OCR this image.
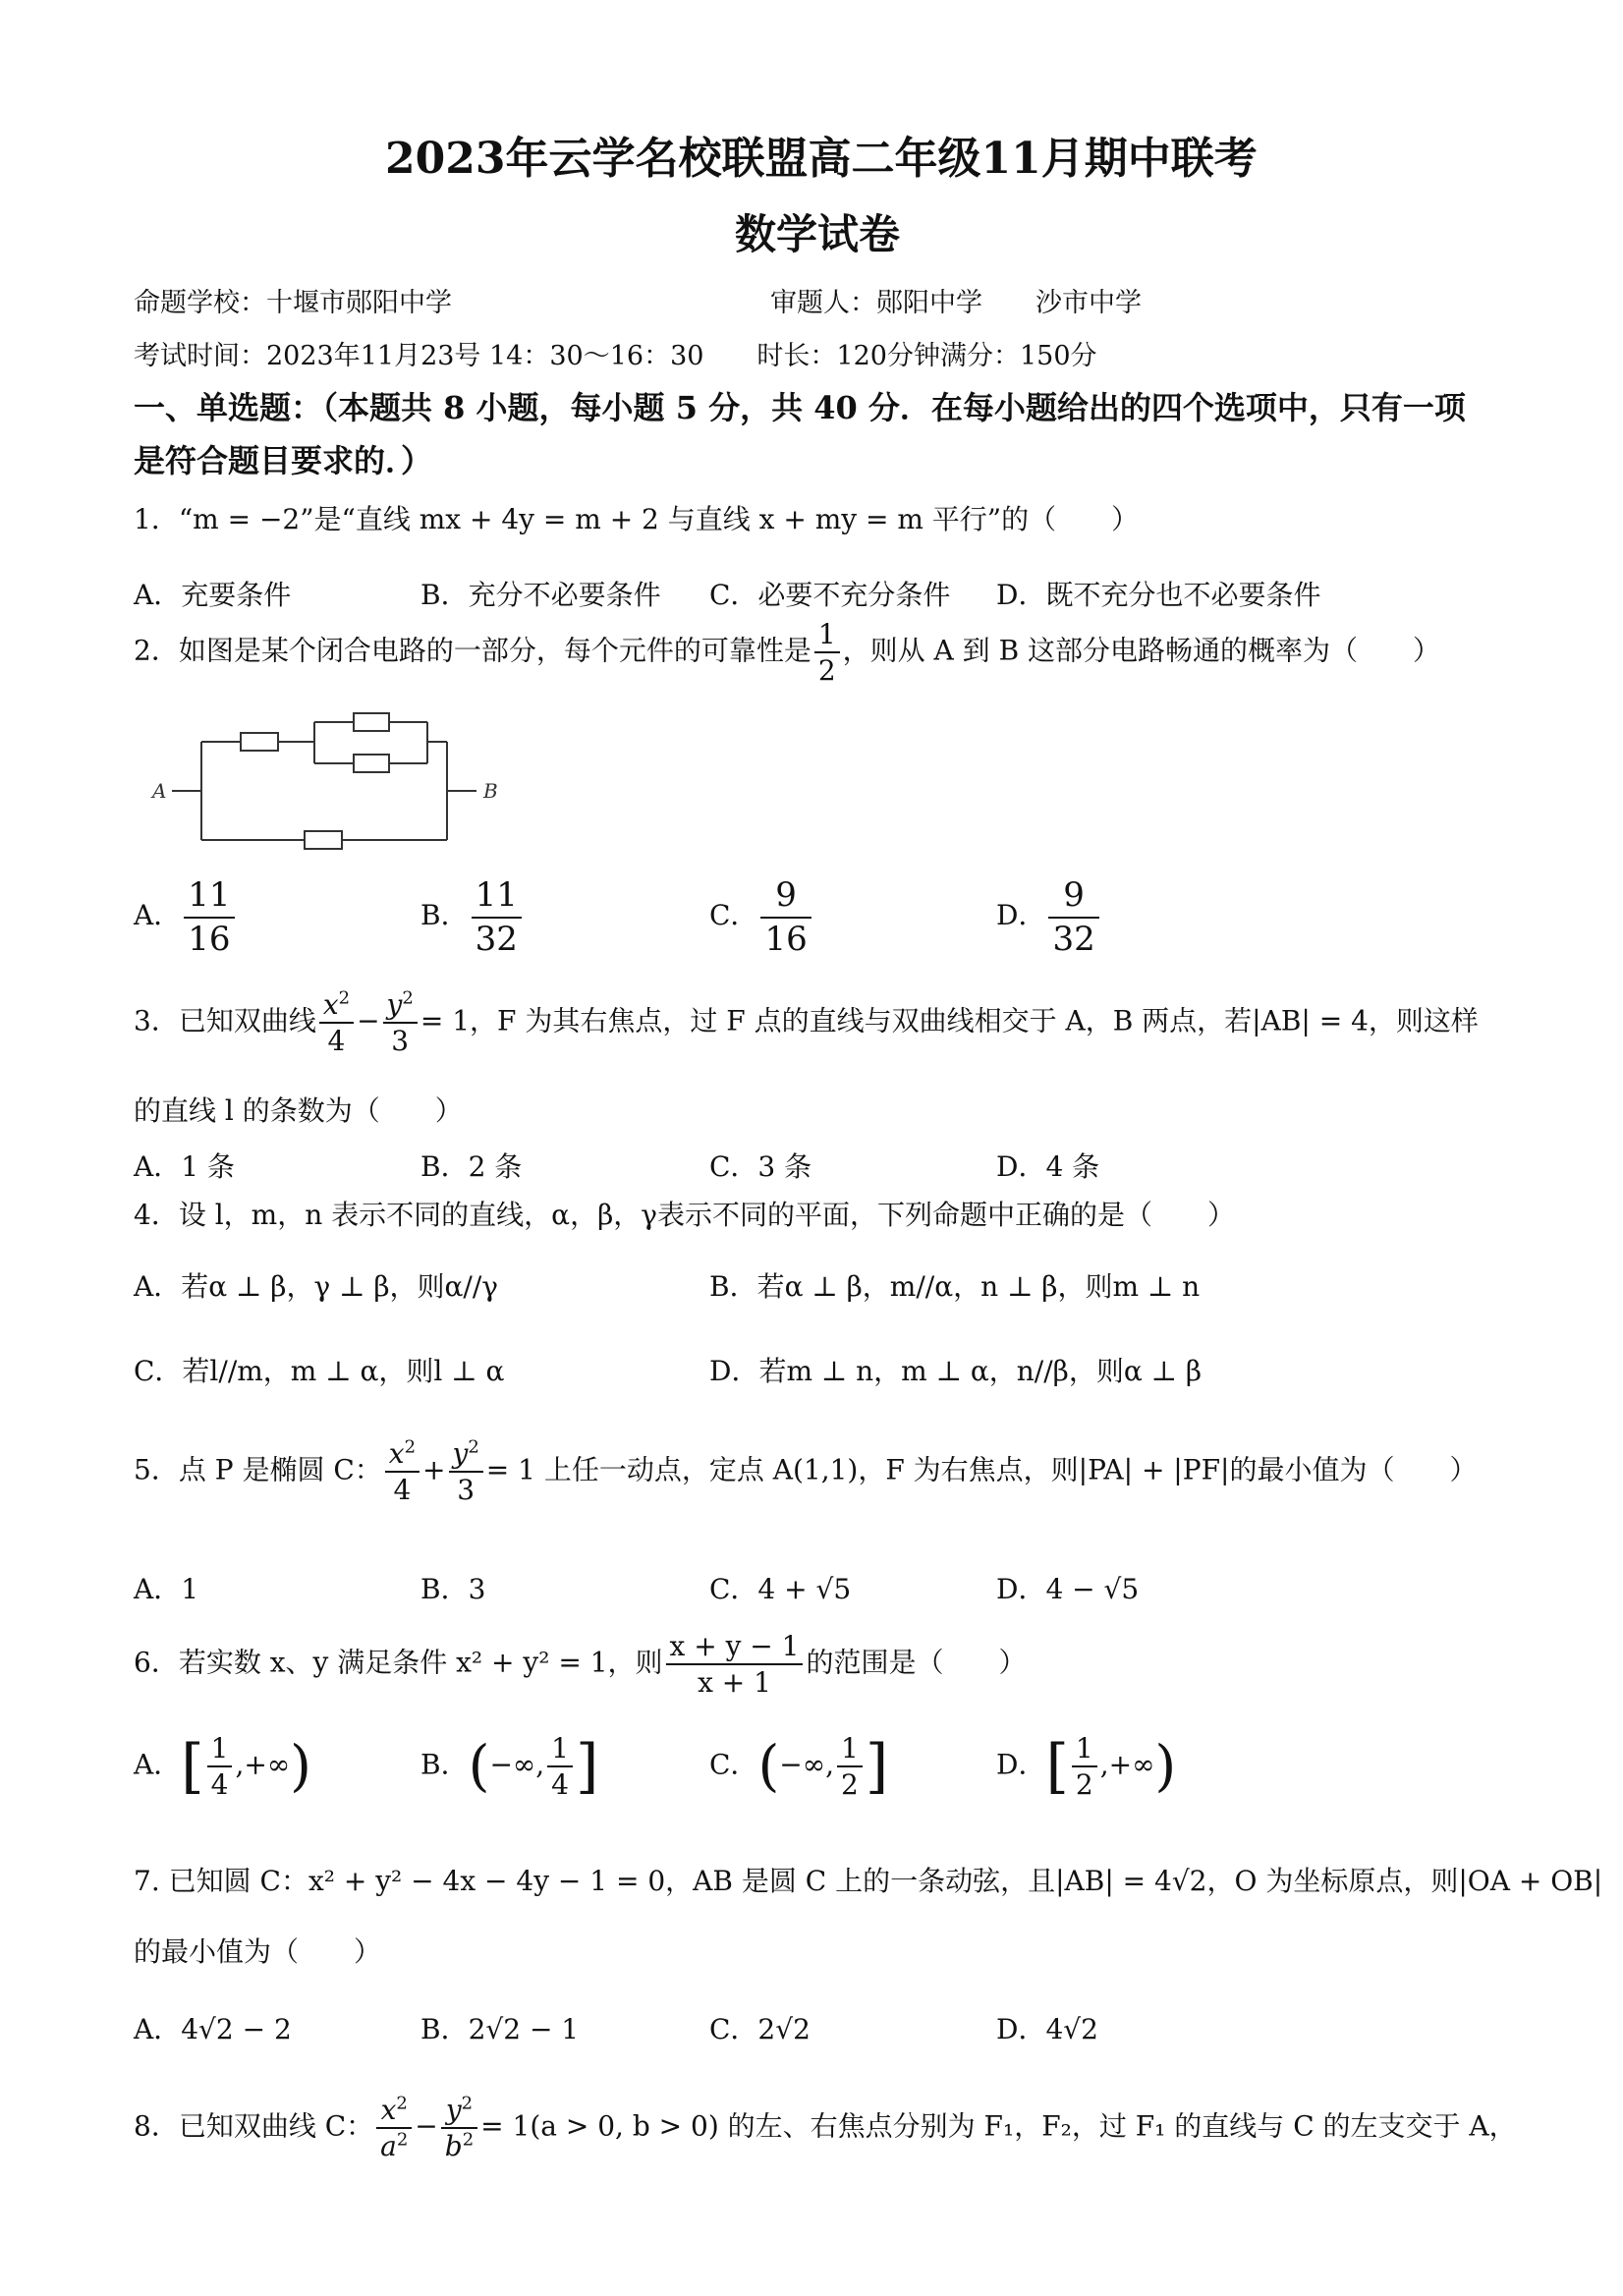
2023年云学名校联盟高二年级11月期中联考
数学试卷
命题学校：十堰市郧阳中学	审题人：郧阳中学　　沙市中学
考试时间：2023年11月23号 14：30～16：30　　时长：120分钟满分：150分
一、单选题：（本题共 8 小题，每小题 5 分，共 40 分．在每小题给出的四个选项中，只有一项
是符合题目要求的．）
1．“m = −2”是“直线 mx + 4y = m + 2 与直线 x + my = m 平行”的（　　）
A．充要条件	B．充分不必要条件 C．必要不充分条件 D．既不充分也不必要条件
2．如图是某个闭合电路的一部分，每个元件的可靠性是 $\frac{1}{2}$ ，则从 A 到 B 这部分电路畅通的概率为（　　）
A	B
A． $\frac{11}{16}$	B． $\frac{11}{32}$	C． $\frac{9}{16}$	D． $\frac{9}{32}$
3．已知双曲线 $\frac{x^2}{4} - \frac{y^2}{3} = 1$，F 为其右焦点，过 F 点的直线与双曲线相交于 A，B 两点，若|AB| = 4，则这样
的直线 l 的条数为（　　）
A．1 条	B．2 条	C．3 条	D．4 条
4．设 l，m，n 表示不同的直线，α，β，γ表示不同的平面，下列命题中正确的是（　　）
A．若α ⊥ β，γ ⊥ β，则α//γ	B．若α ⊥ β，m//α，n ⊥ β，则m ⊥ n
C．若l//m，m ⊥ α，则l ⊥ α	D．若m ⊥ n，m ⊥ α，n//β，则α ⊥ β
5．点 P 是椭圆 C： $\frac{x^2}{4} + \frac{y^2}{3} = 1$ 上任一动点，定点 A(1,1)，F 为右焦点，则|PA| + |PF|的最小值为（　　）
A．1	B．3	C．4 + √5	D．4 − √5
6．若实数 x、y 满足条件 x² + y² = 1，则 $\frac{x + y - 1}{x + 1}$ 的范围是（　　）
A．[ $\frac{1}{4}$ ,+∞)	B．(−∞, $\frac{1}{4}$ ]	C．(−∞, $\frac{1}{2}$ ]	D．[ $\frac{1}{2}$ ,+∞)
7. 已知圆 C：x² + y² − 4x − 4y − 1 = 0，AB 是圆 C 上的一条动弦，且|AB| = 4√2，O 为坐标原点，则|OA + OB|
的最小值为（　　）
A．4√2 − 2	B．2√2 − 1	C．2√2	D．4√2
8．已知双曲线 C： $\frac{x^2}{a^2} - \frac{y^2}{b^2} = 1(a > 0$, b > 0) 的左、右焦点分别为 F₁，F₂，过 F₁ 的直线与 C 的左支交于 A，
